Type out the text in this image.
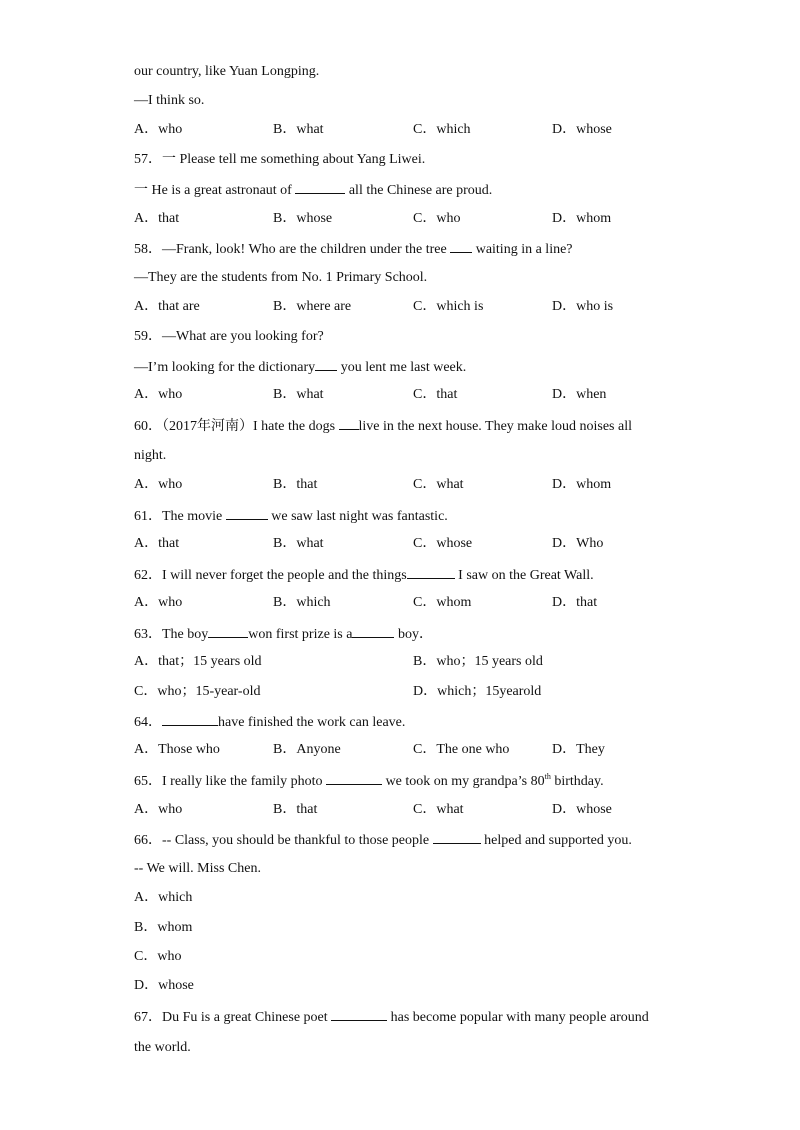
our country, like Yuan Longping.
—I think so.
A．who	B．what	C．which	D．whose
57．一 Please tell me something about Yang Liwei.
一 He is a great astronaut of	all the Chinese are proud.
A．that	B．whose	C．who	D．whom
58．—Frank, look! Who are the children under the tree  waiting in a line?
—They are the students from No. 1 Primary School.
A．that are	B．where are	C．which is	D．who is
59．—What are you looking for?
—I’m looking for the dictionary you lent me last week.
A．who	B．what	C．that	D．when
60．（2017年河南）I hate the dogs live in the next house. They make loud noises all
night.
A．who	B．that	C．what	D．whom
61．The movie	we saw last night was fantastic.
A．that	B．what	C．whose	D．Who
62．I will never forget the people and the things	I saw on the Great Wall.
A．who	B．which	C．whom	D．that
63．The boy	won first prize is a	boy．
A．that；15 years old	B．who；15 years old
C．who；15-year-old	D．which；15yearold
64．	have finished the work can leave.
A．Those who	B．Anyone	C．The one who	D．They
65．I really like the family photo	we took on my grandpa’s 80th birthday.
A．who	B．that	C．what	D．whose
66．-- Class, you should be thankful to those people	helped and supported you.
-- We will. Miss Chen.
A．which
B．whom
C．who
D．whose
67．Du Fu is a great Chinese poet	has become popular with many people around
the world.
